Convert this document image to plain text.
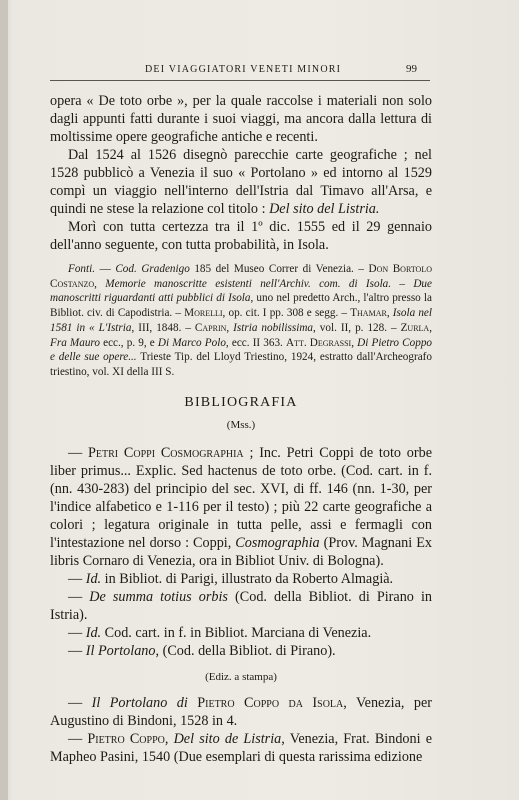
DEI VIAGGIATORI VENETI MINORI	99

opera « De toto orbe », per la quale raccolse i materiali non solo dagli appunti fatti durante i suoi viaggi, ma ancora dalla lettura di moltissime opere geografiche antiche e recenti.

Dal 1524 al 1526 disegnò parecchie carte geografiche ; nel 1528 pubblicò a Venezia il suo « Portolano » ed intorno al 1529 compì un viaggio nell'interno dell'Istria dal Timavo all'Arsa, e quindi ne stese la relazione col titolo : Del sito del Listria.

Morì con tutta certezza tra il 1º dic. 1555 ed il 29 gennaio dell'anno seguente, con tutta probabilità, in Isola.

Fonti. — Cod. Gradenigo 185 del Museo Correr di Venezia. – Don Bortolo Costanzo, Memorie manoscritte esistenti nell'Archiv. com. di Isola. – Due manoscritti riguardanti atti pubblici di Isola, uno nel predetto Arch., l'altro presso la Bibliot. civ. di Capodistria. – Morelli, op. cit. I pp. 308 e segg. – Thamar, Isola nel 1581 in « L'Istria, III, 1848. – Caprin, Istria nobilissima, vol. II, p. 128. – Zurla, Fra Mauro ecc., p. 9, e Di Marco Polo, ecc. II 363. Att. Degrassi, Di Pietro Coppo e delle sue opere... Trieste Tip. del Lloyd Triestino, 1924, estratto dall'Archeografo triestino, vol. XI della III S.

BIBLIOGRAFIA
(Mss.)

— Petri Coppi Cosmographia ; Inc. Petri Coppi de toto orbe liber primus... Explic. Sed hactenus de toto orbe. (Cod. cart. in f. (nn. 430-283) del principio del sec. XVI, di ff. 146 (nn. 1-30, per l'indice alfabetico e 1-116 per il testo) ; più 22 carte geografiche a colori ; legatura originale in tutta pelle, assi e fermagli con l'intestazione nel dorso : Coppi, Cosmographia (Prov. Magnani Ex libris Cornaro di Venezia, ora in Bibliot Univ. di Bologna).

— Id. in Bibliot. di Parigi, illustrato da Roberto Almagià.

— De summa totius orbis (Cod. della Bibliot. di Pirano in Istria).

— Id. Cod. cart. in f. in Bibliot. Marciana di Venezia.

— Il Portolano, (Cod. della Bibliot. di Pirano).

(Ediz. a stampa)

— Il Portolano di Pietro Coppo da Isola, Venezia, per Augustino di Bindoni, 1528 in 4.

— Pietro Coppo, Del sito de Listria, Venezia, Frat. Bindoni e Mapheo Pasini, 1540 (Due esemplari di questa rarissima edizione
